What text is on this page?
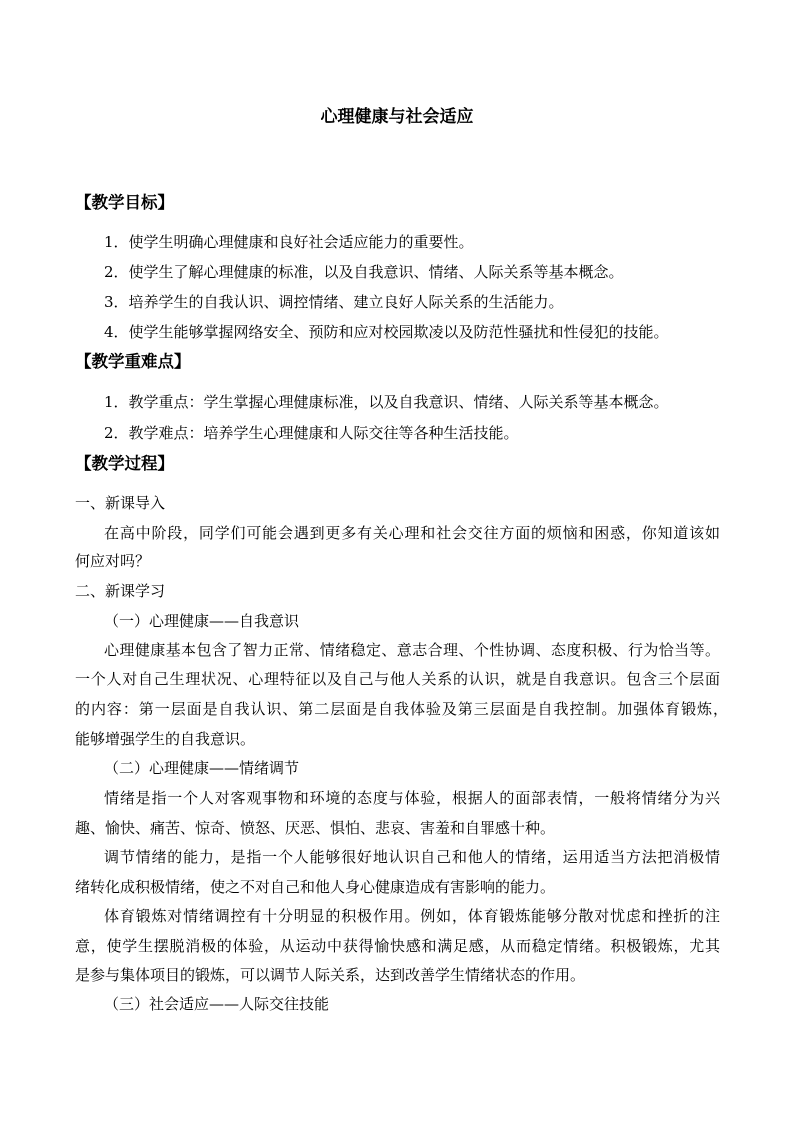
心理健康与社会适应
【教学目标】
1．使学生明确心理健康和良好社会适应能力的重要性。
2．使学生了解心理健康的标准，以及自我意识、情绪、人际关系等基本概念。
3．培养学生的自我认识、调控情绪、建立良好人际关系的生活能力。
4．使学生能够掌握网络安全、预防和应对校园欺凌以及防范性骚扰和性侵犯的技能。
【教学重难点】
1．教学重点：学生掌握心理健康标准，以及自我意识、情绪、人际关系等基本概念。
2．教学难点：培养学生心理健康和人际交往等各种生活技能。
【教学过程】
一、新课导入
在高中阶段，同学们可能会遇到更多有关心理和社会交往方面的烦恼和困惑，你知道该如
何应对吗？
二、新课学习
（一）心理健康——自我意识
心理健康基本包含了智力正常、情绪稳定、意志合理、个性协调、态度积极、行为恰当等。
一个人对自己生理状况、心理特征以及自己与他人关系的认识，就是自我意识。包含三个层面
的内容：第一层面是自我认识、第二层面是自我体验及第三层面是自我控制。加强体育锻炼，
能够增强学生的自我意识。
（二）心理健康——情绪调节
情绪是指一个人对客观事物和环境的态度与体验，根据人的面部表情，一般将情绪分为兴
趣、愉快、痛苦、惊奇、愤怒、厌恶、惧怕、悲哀、害羞和自罪感十种。
调节情绪的能力，是指一个人能够很好地认识自己和他人的情绪，运用适当方法把消极情
绪转化成积极情绪，使之不对自己和他人身心健康造成有害影响的能力。
体育锻炼对情绪调控有十分明显的积极作用。例如，体育锻炼能够分散对忧虑和挫折的注
意，使学生摆脱消极的体验，从运动中获得愉快感和满足感，从而稳定情绪。积极锻炼，尤其
是参与集体项目的锻炼，可以调节人际关系，达到改善学生情绪状态的作用。
（三）社会适应——人际交往技能
